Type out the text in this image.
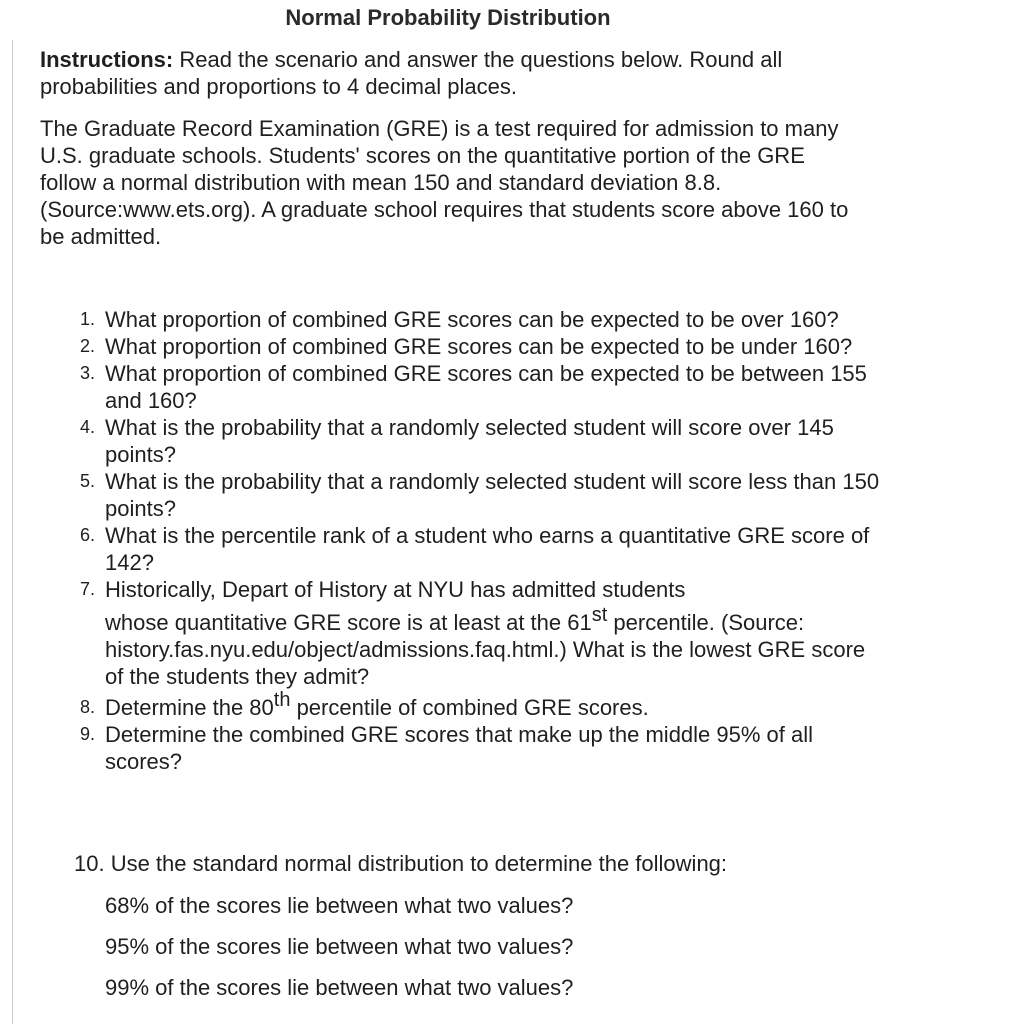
Normal Probability Distribution
Instructions: Read the scenario and answer the questions below. Round all probabilities and proportions to 4 decimal places.
The Graduate Record Examination (GRE) is a test required for admission to many U.S. graduate schools. Students' scores on the quantitative portion of the GRE follow a normal distribution with mean 150 and standard deviation 8.8. (Source:www.ets.org). A graduate school requires that students score above 160 to be admitted.
1. What proportion of combined GRE scores can be expected to be over 160?
2. What proportion of combined GRE scores can be expected to be under 160?
3. What proportion of combined GRE scores can be expected to be between 155 and 160?
4. What is the probability that a randomly selected student will score over 145 points?
5. What is the probability that a randomly selected student will score less than 150 points?
6. What is the percentile rank of a student who earns a quantitative GRE score of 142?
7. Historically, Depart of History at NYU has admitted students
whose quantitative GRE score is at least at the 61st percentile. (Source: history.fas.nyu.edu/object/admissions.faq.html.) What is the lowest GRE score of the students they admit?
8. Determine the 80th percentile of combined GRE scores.
9. Determine the combined GRE scores that make up the middle 95% of all scores?
10. Use the standard normal distribution to determine the following:
68% of the scores lie between what two values?
95% of the scores lie between what two values?
99% of the scores lie between what two values?
